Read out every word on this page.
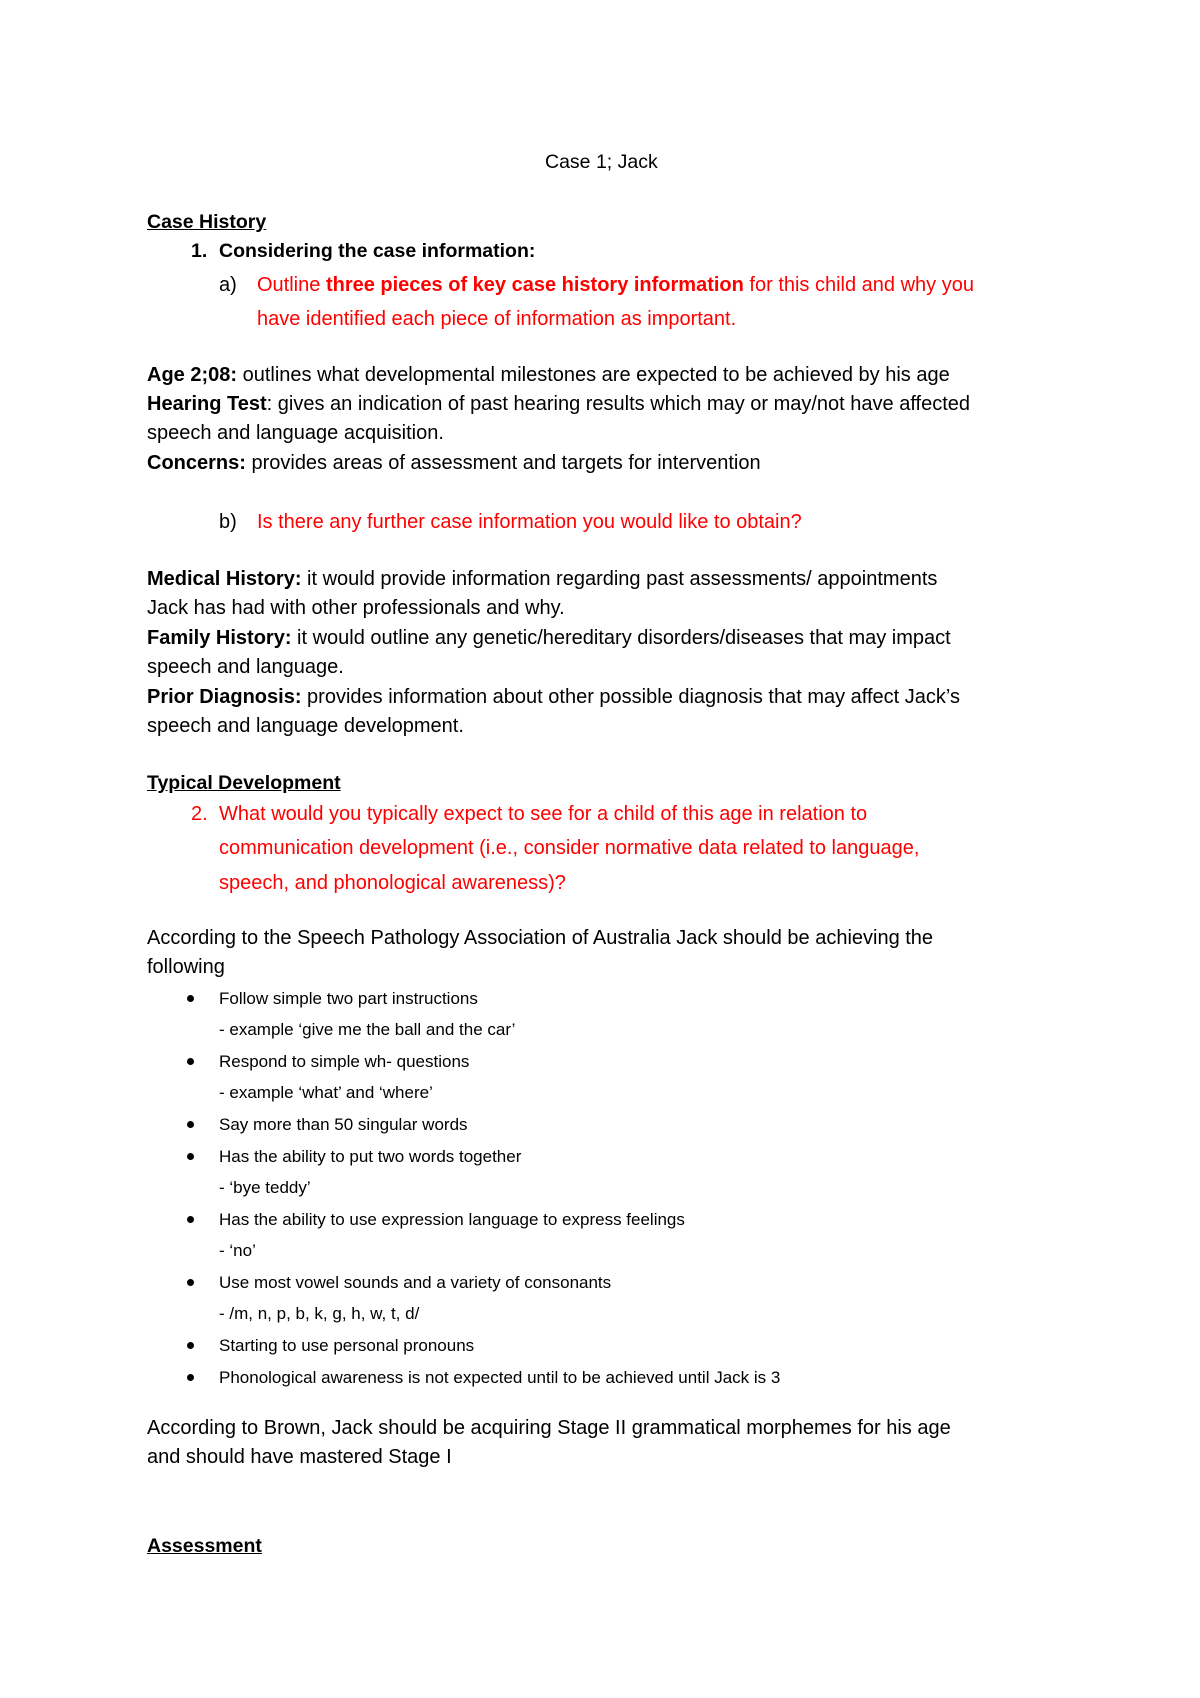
Case 1; Jack
Case History
1. Considering the case information:
a) Outline three pieces of key case history information for this child and why you
have identified each piece of information as important.
Age 2;08: outlines what developmental milestones are expected to be achieved by his age
Hearing Test: gives an indication of past hearing results which may or may/not have affected
speech and language acquisition.
Concerns: provides areas of assessment and targets for intervention
b) Is there any further case information you would like to obtain?
Medical History: it would provide information regarding past assessments/ appointments
Jack has had with other professionals and why.
Family History: it would outline any genetic/hereditary disorders/diseases that may impact
speech and language.
Prior Diagnosis: provides information about other possible diagnosis that may affect Jack’s
speech and language development.
Typical Development
2. What would you typically expect to see for a child of this age in relation to
communication development (i.e., consider normative data related to language,
speech, and phonological awareness)?
According to the Speech Pathology Association of Australia Jack should be achieving the
following
Follow simple two part instructions
- example ‘give me the ball and the car’
Respond to simple wh- questions
- example ‘what’ and ‘where’
Say more than 50 singular words
Has the ability to put two words together
- ‘bye teddy’
Has the ability to use expression language to express feelings
- ‘no’
Use most vowel sounds and a variety of consonants
- /m, n, p, b, k, g, h, w, t, d/
Starting to use personal pronouns
Phonological awareness is not expected until to be achieved until Jack is 3
According to Brown, Jack should be acquiring Stage II grammatical morphemes for his age
and should have mastered Stage I
Assessment
